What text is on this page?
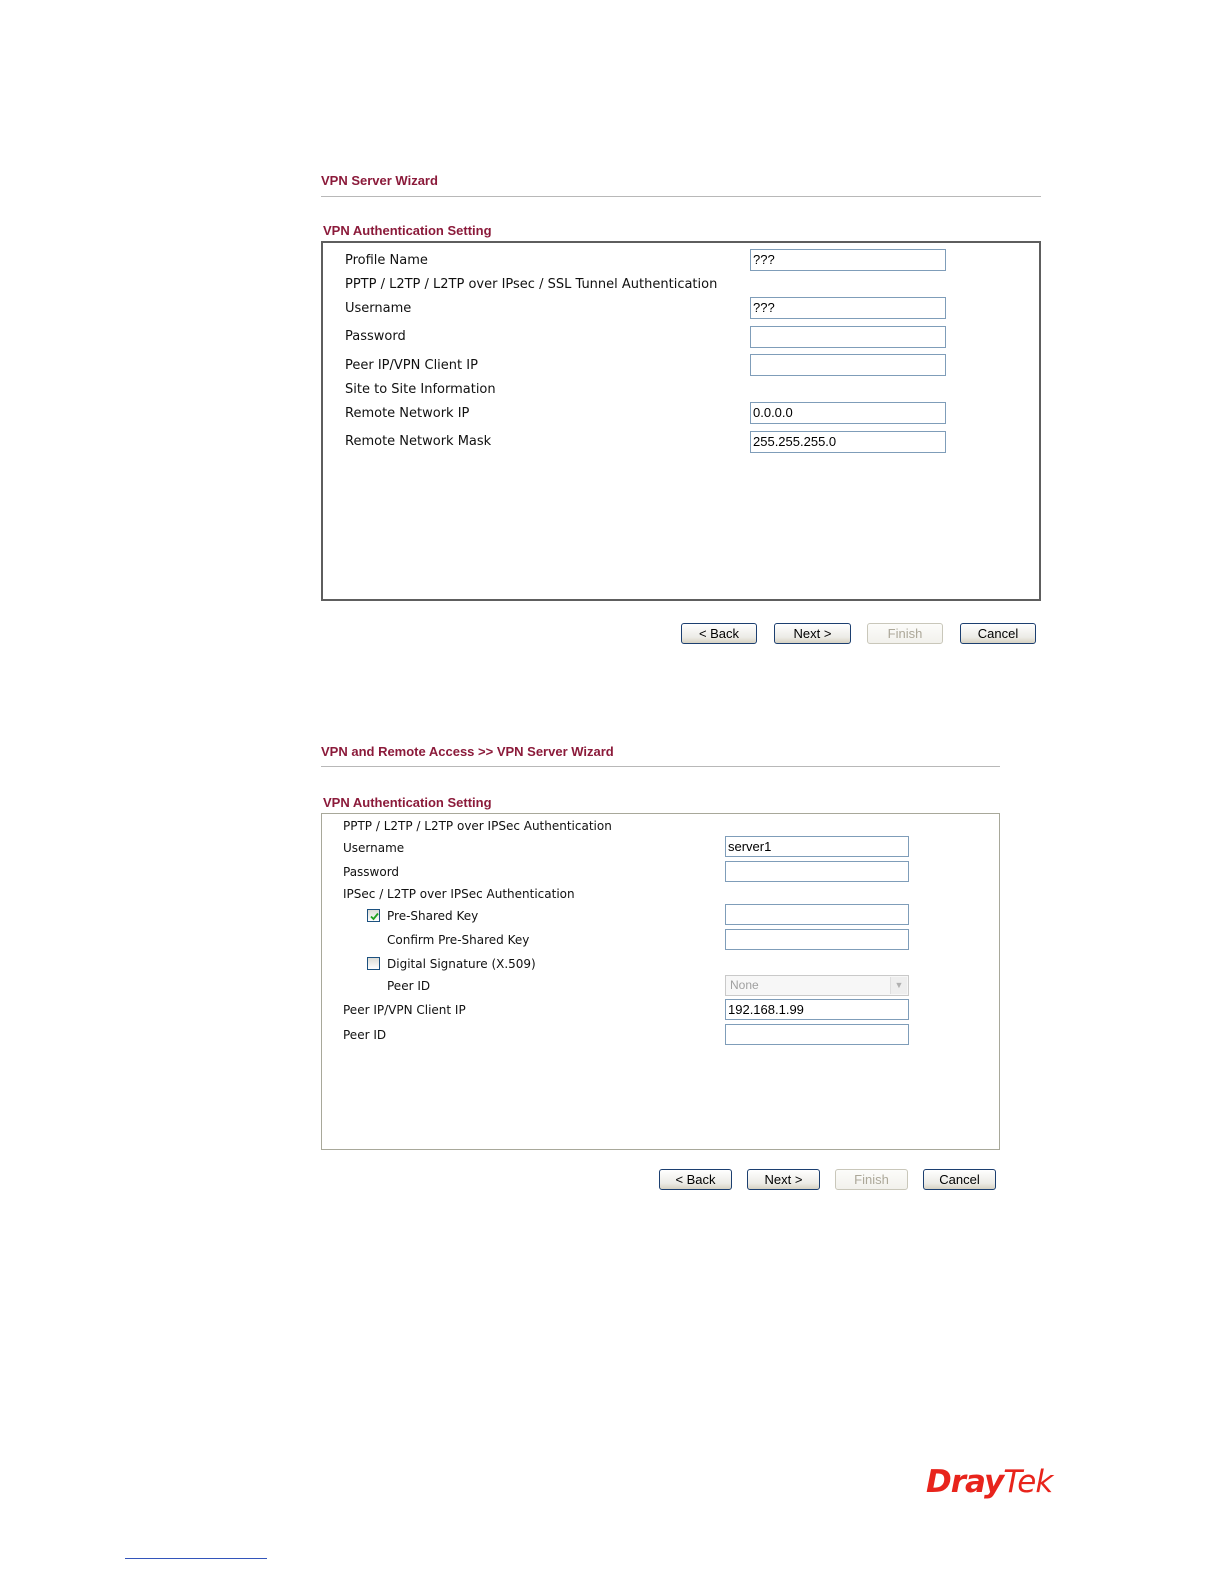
VPN Server Wizard
VPN Authentication Setting
Profile Name	???
PPTP / L2TP / L2TP over IPsec / SSL Tunnel Authentication
Username	???
Password
Peer IP/VPN Client IP
Site to Site Information
Remote Network IP	0.0.0.0
Remote Network Mask	255.255.255.0
< Back	Next >	Finish	Cancel
VPN and Remote Access >> VPN Server Wizard
VPN Authentication Setting
PPTP / L2TP / L2TP over IPSec Authentication
Username	server1
Password
IPSec / L2TP over IPSec Authentication
Pre-Shared Key
Confirm Pre-Shared Key
Digital Signature (X.509)
Peer ID	None	▼
Peer IP/VPN Client IP	192.168.1.99
Peer ID
< Back	Next >	Finish	Cancel
DrayTek
